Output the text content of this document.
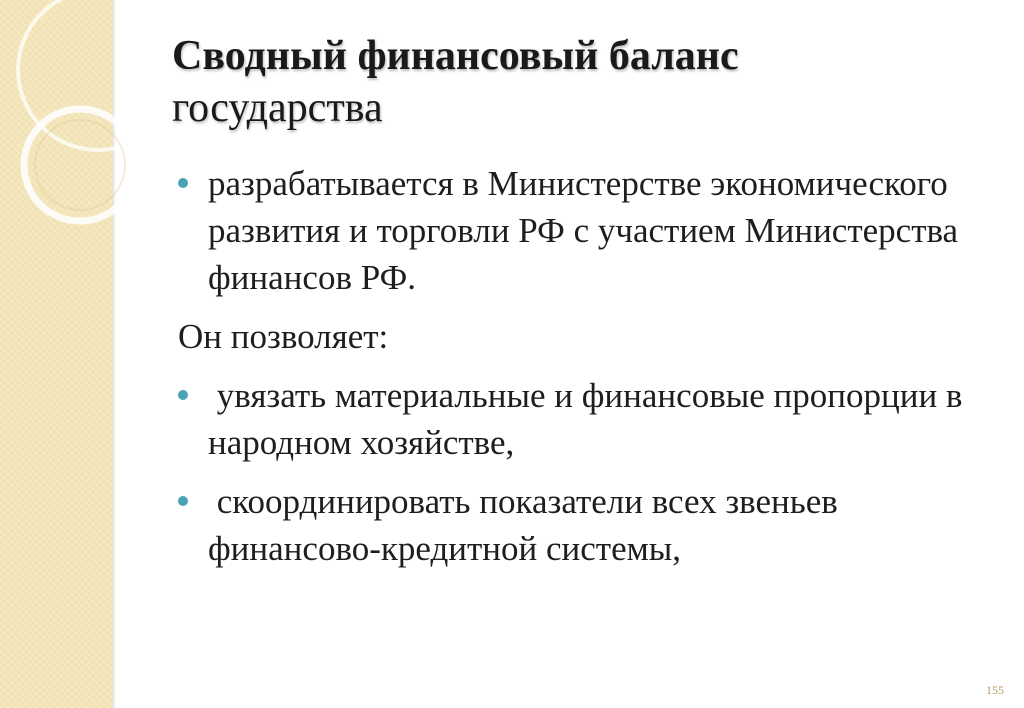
Сводный финансовый баланс
государства
разрабатывается в Министерстве экономического развития и торговли РФ с участием Министерства финансов РФ.
Он позволяет:
увязать материальные и финансовые пропорции в народном хозяйстве,
скоординировать показатели всех звеньев финансово-кредитной системы,
155
